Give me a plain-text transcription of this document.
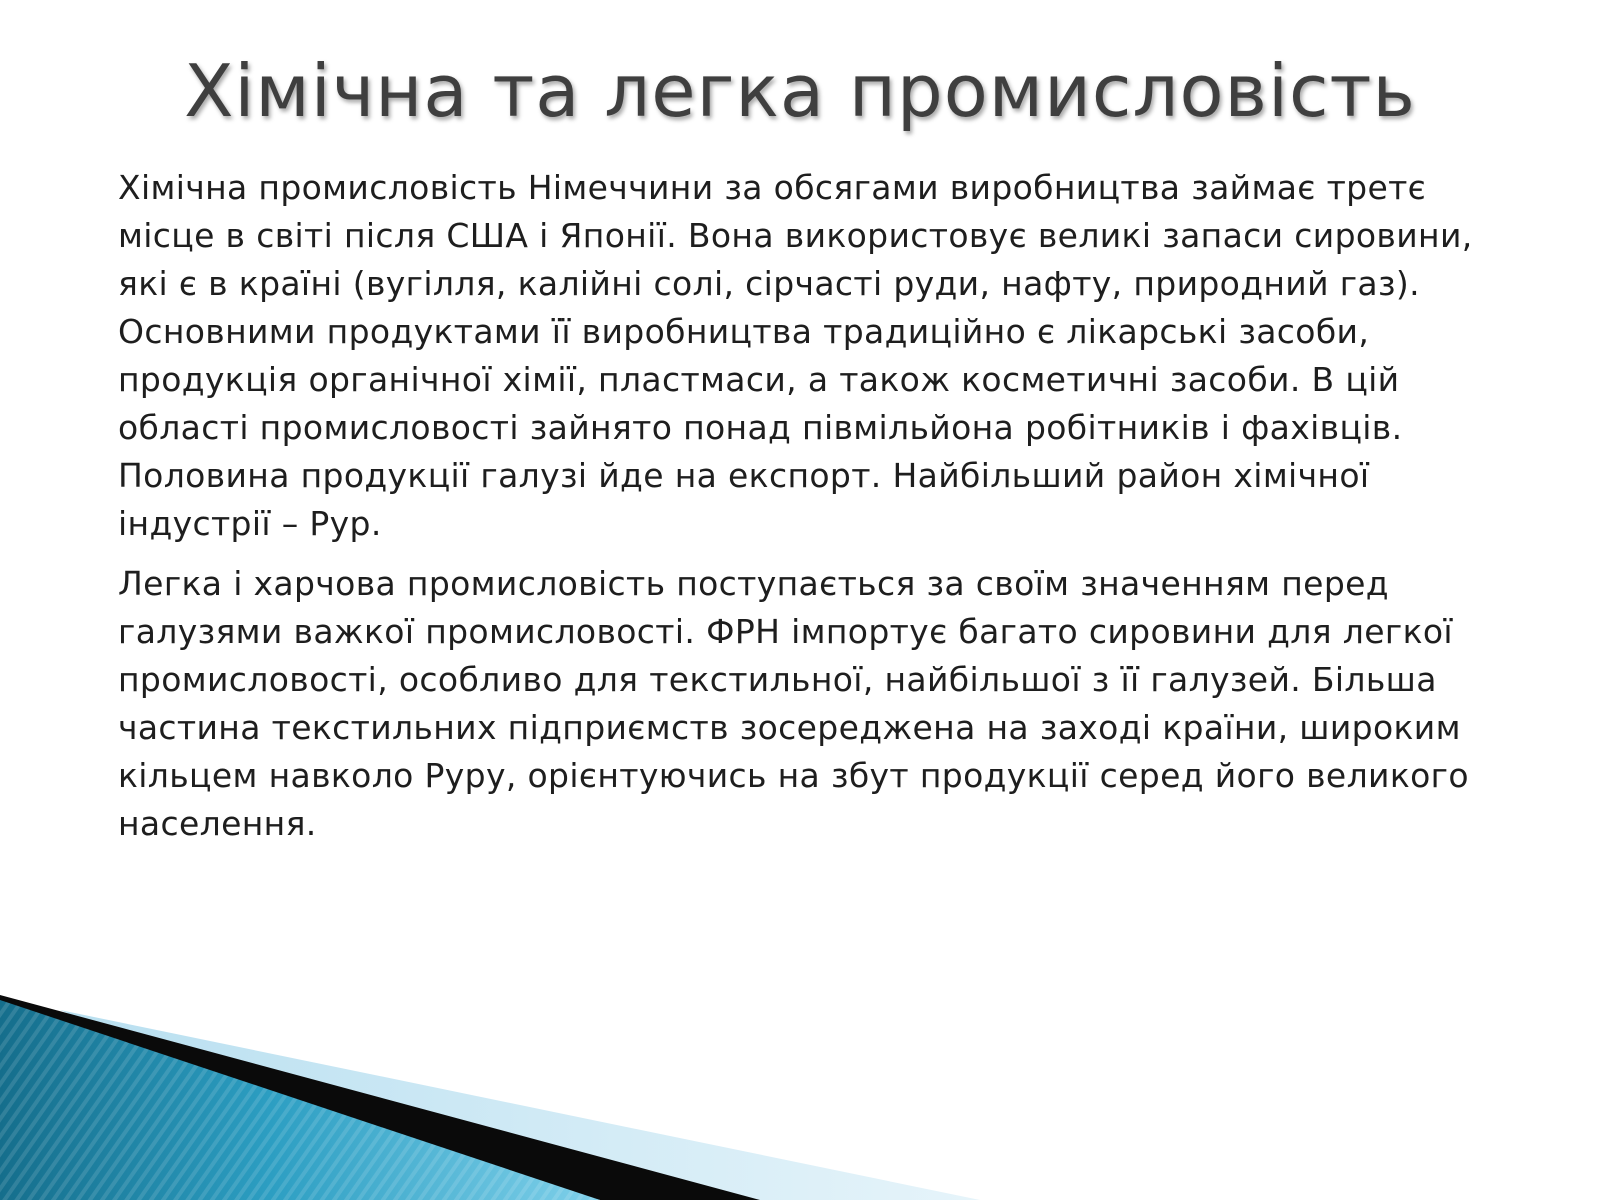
Хімічна та легка промисловість

Хімічна промисловість Німеччини за обсягами виробництва займає третє місце в світі після США і Японії. Вона використовує великі запаси сировини, які є в країні (вугілля, калійні солі, сірчасті руди, нафту, природний газ). Основними продуктами її виробництва традиційно є лікарські засоби, продукція органічної хімії, пластмаси, а також косметичні засоби. В цій області промисловості зайнято понад півмільйона робітників і фахівців. Половина продукції галузі йде на експорт. Найбільший район хімічної індустрії – Рур.

Легка і харчова промисловість поступається за своїм значенням перед галузями важкої промисловості. ФРН імпортує багато сировини для легкої промисловості, особливо для текстильної, найбільшої з її галузей. Більша частина текстильних підприємств зосереджена на заході країни, широким кільцем навколо Руру, орієнтуючись на збут продукції серед його великого населення.
